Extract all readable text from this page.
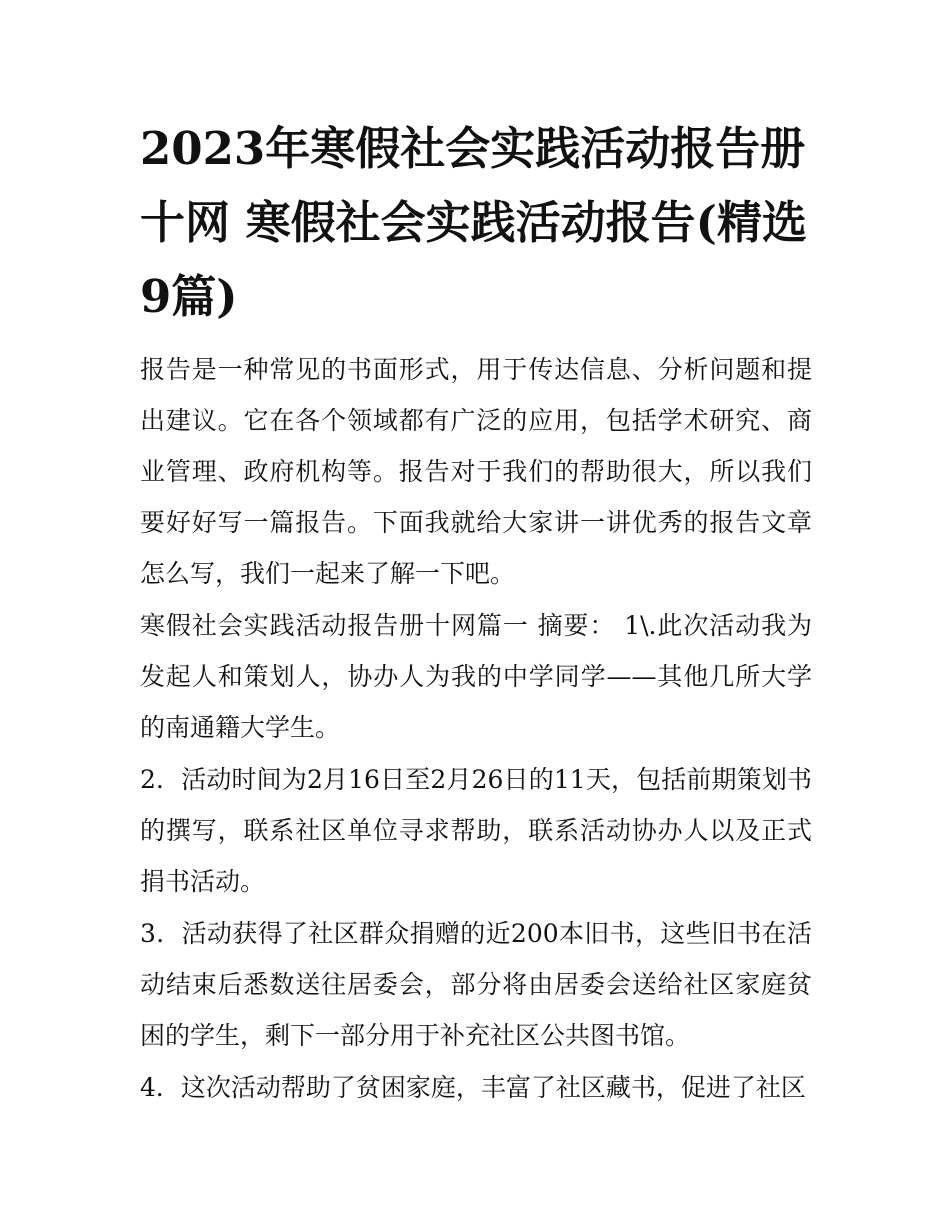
2023年寒假社会实践活动报告册十网 寒假社会实践活动报告(精选9篇)

报告是一种常见的书面形式，用于传达信息、分析问题和提出建议。它在各个领域都有广泛的应用，包括学术研究、商业管理、政府机构等。报告对于我们的帮助很大，所以我们要好好写一篇报告。下面我就给大家讲一讲优秀的报告文章怎么写，我们一起来了解一下吧。

寒假社会实践活动报告册十网篇一 摘要： 1\.此次活动我为发起人和策划人，协办人为我的中学同学——其他几所大学的南通籍大学生。

2．活动时间为2月16日至2月26日的11天，包括前期策划书的撰写，联系社区单位寻求帮助，联系活动协办人以及正式捐书活动。

3．活动获得了社区群众捐赠的近200本旧书，这些旧书在活动结束后悉数送往居委会，部分将由居委会送给社区家庭贫困的学生，剩下一部分用于补充社区公共图书馆。

4．这次活动帮助了贫困家庭，丰富了社区藏书，促进了社区
